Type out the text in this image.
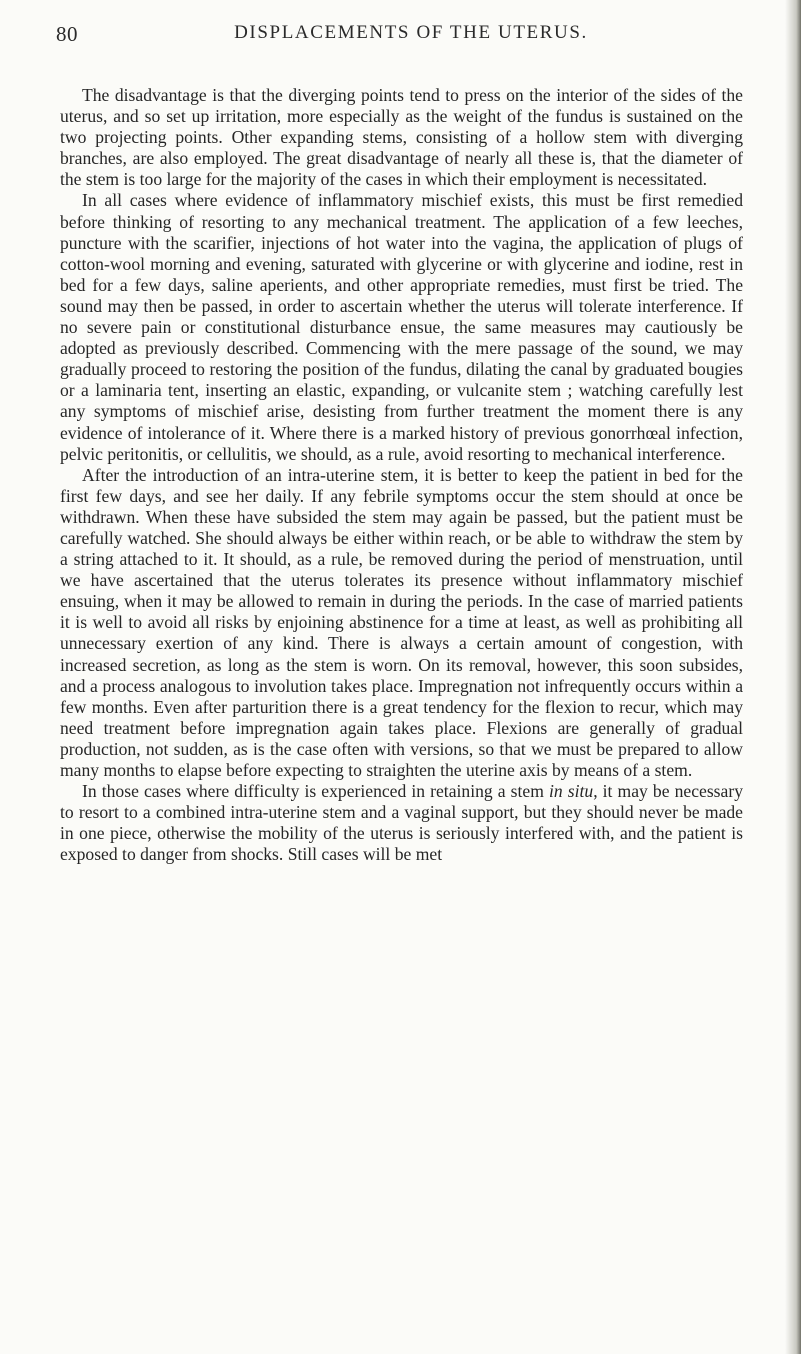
80	DISPLACEMENTS OF THE UTERUS.

The disadvantage is that the diverging points tend to press on the interior of the sides of the uterus, and so set up irritation, more especially as the weight of the fundus is sustained on the two projecting points. Other expanding stems, consisting of a hollow stem with diverging branches, are also employed. The great disadvantage of nearly all these is, that the diameter of the stem is too large for the majority of the cases in which their employment is necessitated.

In all cases where evidence of inflammatory mischief exists, this must be first remedied before thinking of resorting to any mechanical treatment. The application of a few leeches, puncture with the scarifier, injections of hot water into the vagina, the application of plugs of cotton-wool morning and evening, saturated with glycerine or with glycerine and iodine, rest in bed for a few days, saline aperients, and other appropriate remedies, must first be tried. The sound may then be passed, in order to ascertain whether the uterus will tolerate interference. If no severe pain or constitutional disturbance ensue, the same measures may cautiously be adopted as previously described. Commencing with the mere passage of the sound, we may gradually proceed to restoring the position of the fundus, dilating the canal by graduated bougies or a laminaria tent, inserting an elastic, expanding, or vulcanite stem ; watching carefully lest any symptoms of mischief arise, desisting from further treatment the moment there is any evidence of intolerance of it. Where there is a marked history of previous gonorrhœal infection, pelvic peritonitis, or cellulitis, we should, as a rule, avoid resorting to mechanical interference.

After the introduction of an intra-uterine stem, it is better to keep the patient in bed for the first few days, and see her daily. If any febrile symptoms occur the stem should at once be withdrawn. When these have subsided the stem may again be passed, but the patient must be carefully watched. She should always be either within reach, or be able to withdraw the stem by a string attached to it. It should, as a rule, be removed during the period of menstruation, until we have ascertained that the uterus tolerates its presence without inflammatory mischief ensuing, when it may be allowed to remain in during the periods. In the case of married patients it is well to avoid all risks by enjoining abstinence for a time at least, as well as prohibiting all unnecessary exertion of any kind. There is always a certain amount of congestion, with increased secretion, as long as the stem is worn. On its removal, however, this soon subsides, and a process analogous to involution takes place. Impregnation not infrequently occurs within a few months. Even after parturition there is a great tendency for the flexion to recur, which may need treatment before impregnation again takes place. Flexions are generally of gradual production, not sudden, as is the case often with versions, so that we must be prepared to allow many months to elapse before expecting to straighten the uterine axis by means of a stem.

In those cases where difficulty is experienced in retaining a stem in situ, it may be necessary to resort to a combined intra-uterine stem and a vaginal support, but they should never be made in one piece, otherwise the mobility of the uterus is seriously interfered with, and the patient is exposed to danger from shocks. Still cases will be met
